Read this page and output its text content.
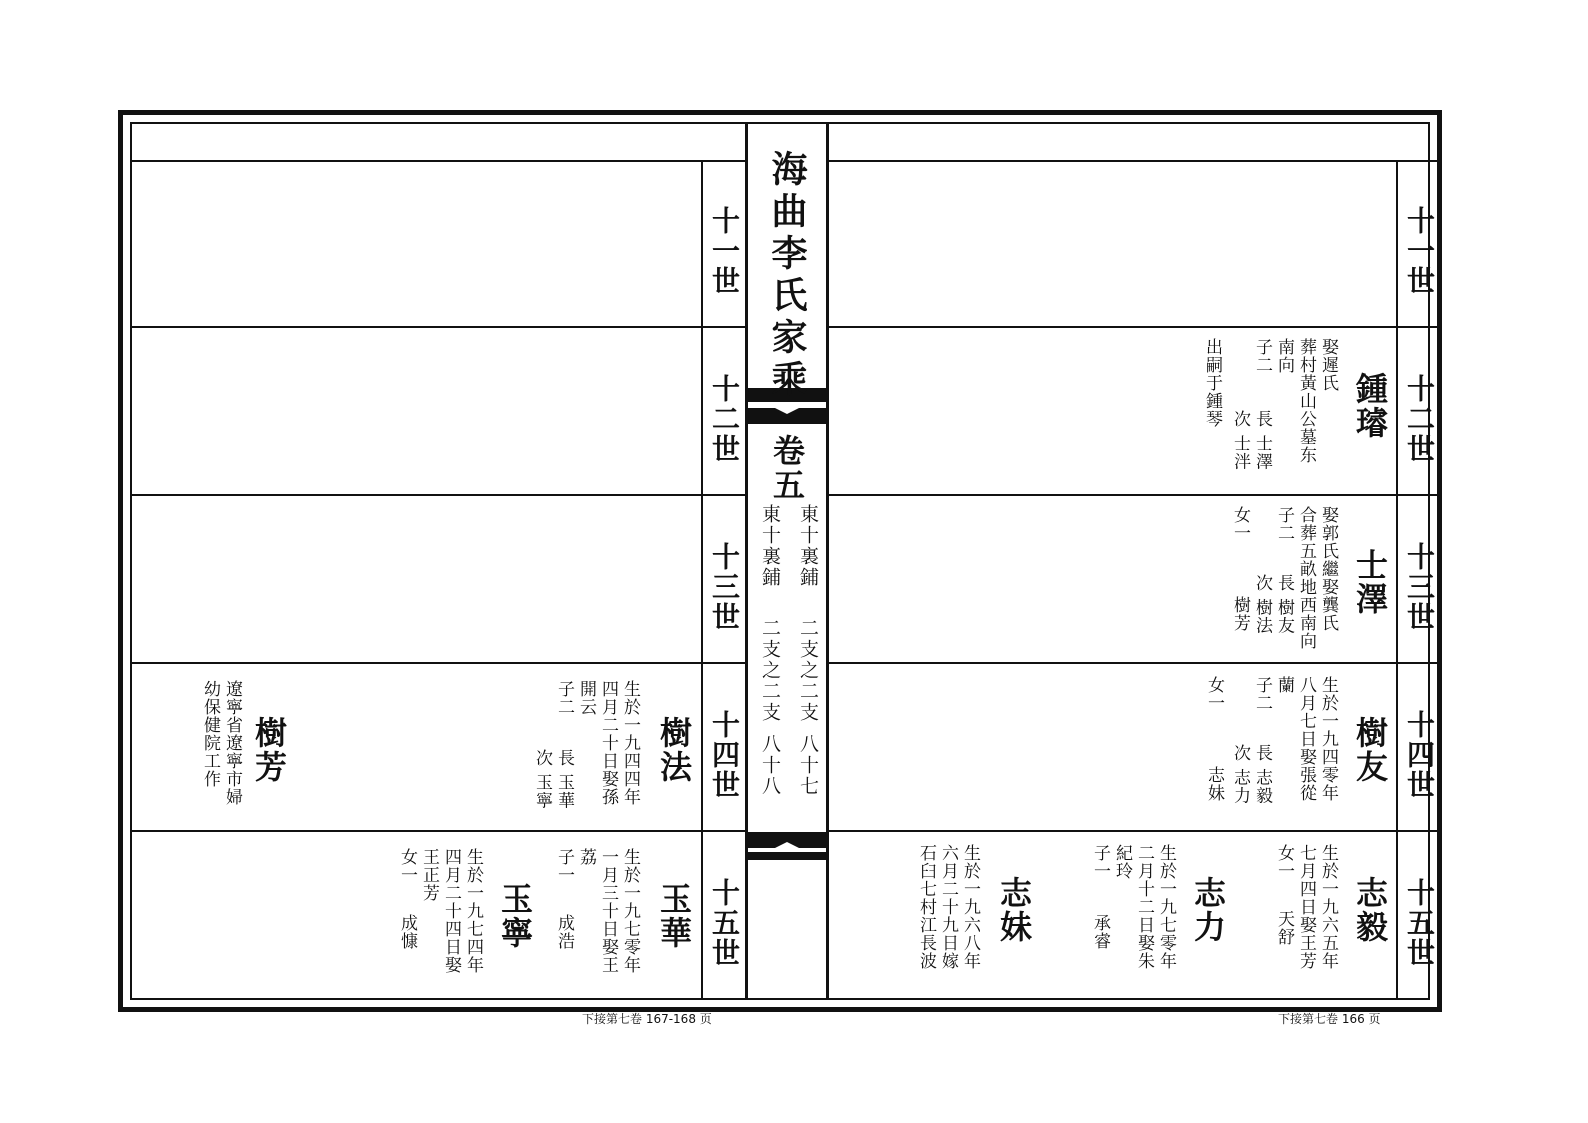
十一世
十二世
十三世
十四世
十五世
樹法
生於一九四四年
四月二十日娶孫
開云
子二
長 玉華
次 玉寧
樹芳
遼寧省遼寧市婦
幼保健院工作
玉華
生於一九七零年
一月三十日娶王
荔
子一
成浩
玉寧
生於一九七四年
四月二十四日娶
王正芳
女一
成慷
海曲李氏家乘
卷五
東十裏鋪
東十裏鋪
二支之二支
二支之二支
八十七
八十八
十一世
十二世
十三世
十四世
十五世
鍾璿
娶遲氏
葬村黃山公墓东
南向
子二
長 士澤
次 士泮
出嗣于鍾琴
士澤
娶郭氏繼娶龔氏
合葬五畝地西南向
子二
長 樹友
次 樹法
女一
樹芳
樹友
生於一九四零年
八月七日娶張從
蘭
子二
長 志毅
次 志力
女一
志妹
志毅
生於一九六五年
七月四日娶王芳
女一
天舒
志力
生於一九七零年
二月十二日娶朱
紀玲
子一
承睿
志妹
生於一九六八年
六月二十九日嫁
石臼七村江長波
下接第七卷 167-168 页	下接第七卷 166 页
